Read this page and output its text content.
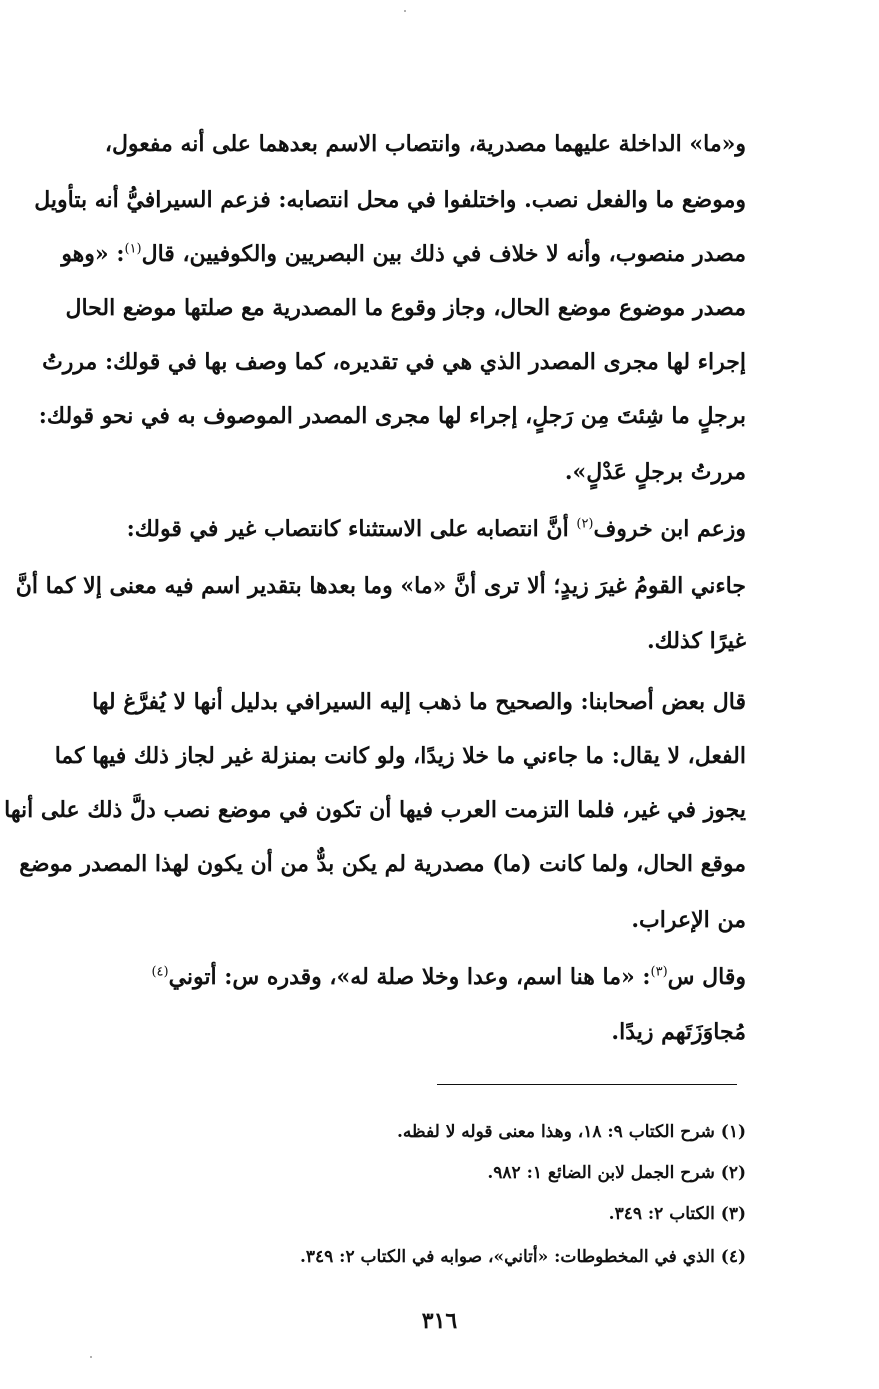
و«ما» الداخلة عليهما مصدرية، وانتصاب الاسم بعدهما على أنه مفعول،
وموضع ما والفعل نصب. واختلفوا في محل انتصابه: فزعم السيرافيُّ أنه بتأويل
مصدر منصوب، وأنه لا خلاف في ذلك بين البصريين والكوفيين، قال$^{(١)}$: «وهو
مصدر موضوع موضع الحال، وجاز وقوع ما المصدرية مع صلتها موضع الحال
إجراء لها مجرى المصدر الذي هي في تقديره، كما وصف بها في قولك: مررتُ
برجلٍ ما شِئتَ مِن رَجلٍ، إجراء لها مجرى المصدر الموصوف به في نحو قولك:
مررتُ برجلٍ عَدْلٍ».
وزعم ابن خروف$^{(٢)}$ أنَّ انتصابه على الاستثناء كانتصاب غير في قولك:
جاءني القومُ غيرَ زيدٍ؛ ألا ترى أنَّ «ما» وما بعدها بتقدير اسم فيه معنى إلا كما أنَّ
غيرًا كذلك.
قال بعض أصحابنا: والصحيح ما ذهب إليه السيرافي بدليل أنها لا يُفرَّغ لها
الفعل، لا يقال: ما جاءني ما خلا زيدًا، ولو كانت بمنزلة غير لجاز ذلك فيها كما
يجوز في غير، فلما التزمت العرب فيها أن تكون في موضع نصب دلَّ ذلك على أنها
موقع الحال، ولما كانت (ما) مصدرية لم يكن بدٌّ من أن يكون لهذا المصدر موضع
من الإعراب.
وقال س$^{(٣)}$: «ما هنا اسم، وعدا وخلا صلة له»، وقدره س: أتوني$^{(٤)}$
مُجاوَزَتَهم زيدًا.
(١) شرح الكتاب ٩: ١٨، وهذا معنى قوله لا لفظه.
(٢) شرح الجمل لابن الضائع ١: ٩٨٢.
(٣) الكتاب ٢: ٣٤٩.
(٤) الذي في المخطوطات: «أتاني»، صوابه في الكتاب ٢: ٣٤٩.
٣١٦
